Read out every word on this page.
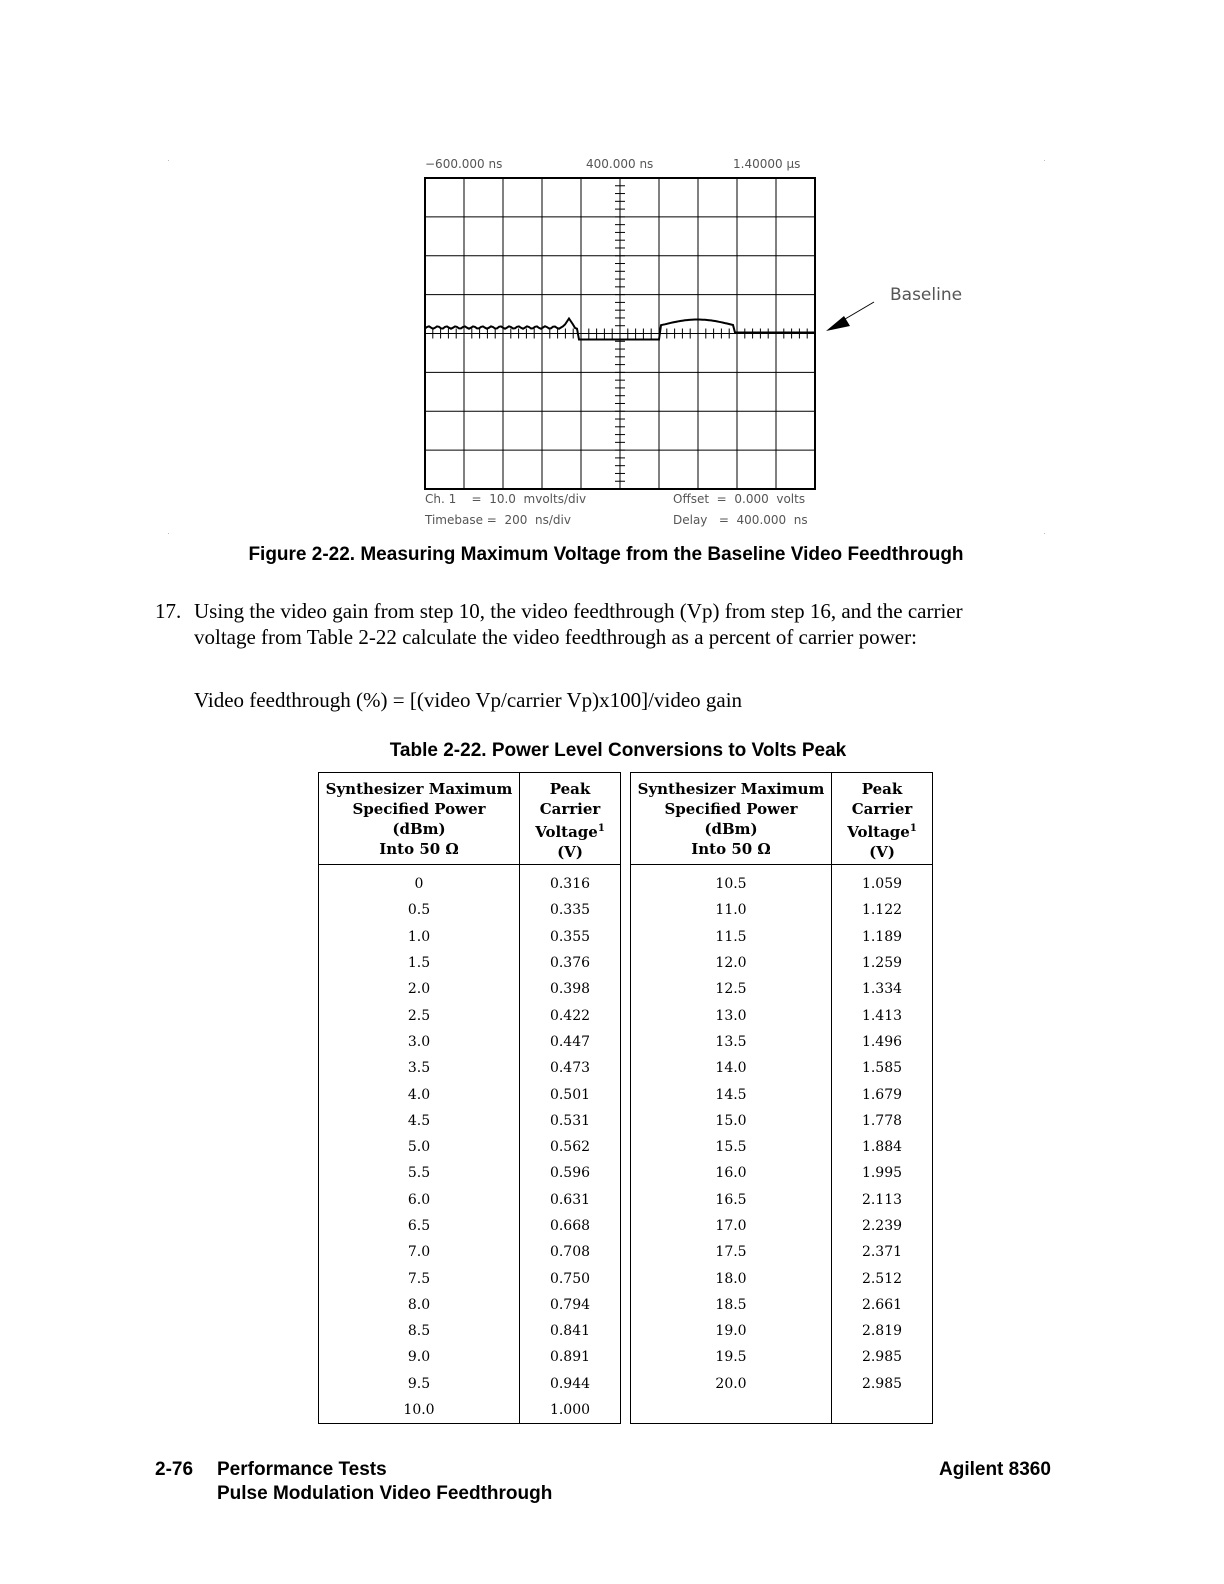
−600.000 ns	400.000 ns	1.40000 µs
Baseline
Ch. 1    =  10.0  mvolts/div	Offset  =  0.000  volts
Timebase =  200  ns/div	Delay   =  400.000  ns
Figure 2-22. Measuring Maximum Voltage from the Baseline Video Feedthrough
17. Using the video gain from step 10, the video feedthrough (Vp) from step 16, and the carrier voltage from Table 2-22 calculate the video feedthrough as a percent of carrier power:
Video feedthrough (%) = [(video Vp/carrier Vp)x100]/video gain
Table 2-22. Power Level Conversions to Volts Peak
Synthesizer Maximum
Specified Power
(dBm)
Into 50 Ω	Peak
Carrier
Voltage$^1$
(V)
0	0.316
0.5	0.335
1.0	0.355
1.5	0.376
2.0	0.398
2.5	0.422
3.0	0.447
3.5	0.473
4.0	0.501
4.5	0.531
5.0	0.562
5.5	0.596
6.0	0.631
6.5	0.668
7.0	0.708
7.5	0.750
8.0	0.794
8.5	0.841
9.0	0.891
9.5	0.944
10.0	1.000
Synthesizer Maximum
Specified Power
(dBm)
Into 50 Ω	Peak
Carrier
Voltage$^1$
(V)
10.5	1.059
11.0	1.122
11.5	1.189
12.0	1.259
12.5	1.334
13.0	1.413
13.5	1.496
14.0	1.585
14.5	1.679
15.0	1.778
15.5	1.884
16.0	1.995
16.5	2.113
17.0	2.239
17.5	2.371
18.0	2.512
18.5	2.661
19.0	2.819
19.5	2.985
20.0	2.985

2-76 Performance Tests
Pulse Modulation Video Feedthrough
Agilent 8360
